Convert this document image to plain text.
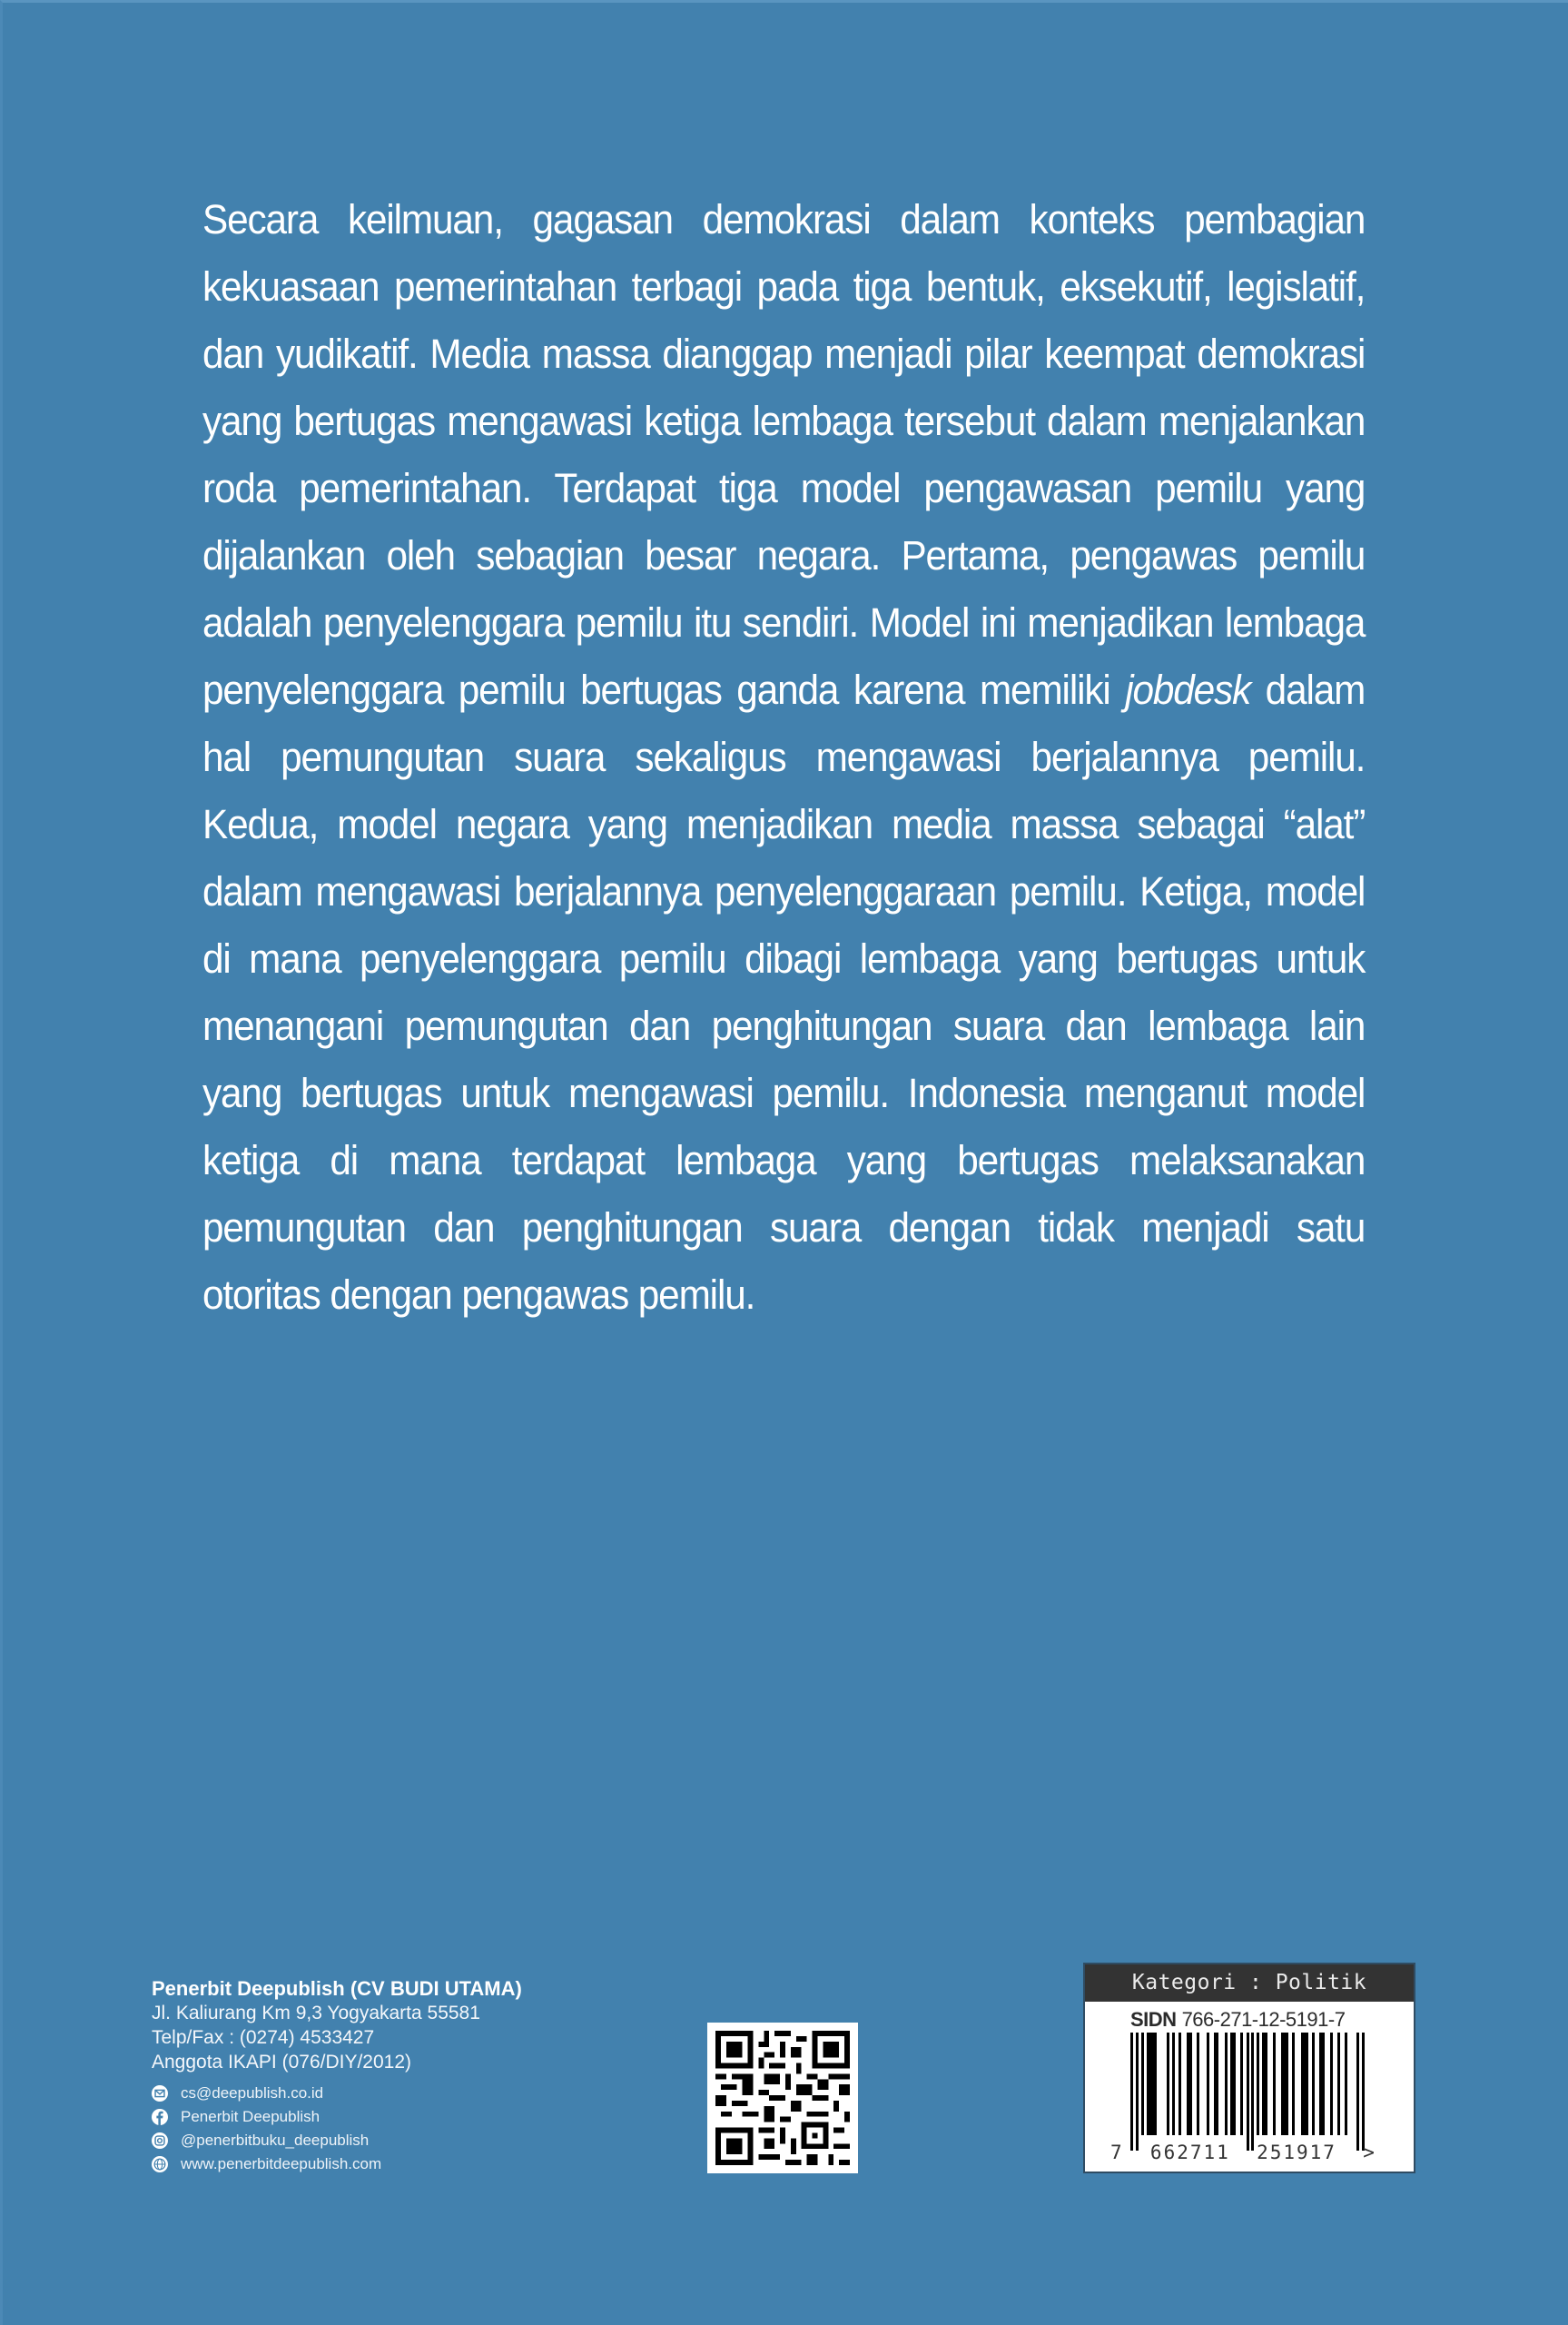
Secara keilmuan, gagasan demokrasi dalam konteks pembagian kekuasaan pemerintahan terbagi pada tiga bentuk, eksekutif, legislatif, dan yudikatif. Media massa dianggap menjadi pilar keempat demokrasi yang bertugas mengawasi ketiga lembaga tersebut dalam menjalankan roda pemerintahan. Terdapat tiga model pengawasan pemilu yang dijalankan oleh sebagian besar negara. Pertama, pengawas pemilu adalah penyelenggara pemilu itu sendiri. Model ini menjadikan lembaga penyelenggara pemilu bertugas ganda karena memiliki jobdesk dalam hal pemungutan suara sekaligus mengawasi berjalannya pemilu. Kedua, model negara yang menjadikan media massa sebagai “alat” dalam mengawasi berjalannya penyelenggaraan pemilu. Ketiga, model di mana penyelenggara pemilu dibagi lembaga yang bertugas untuk menangani pemungutan dan penghitungan suara dan lembaga lain yang bertugas untuk mengawasi pemilu. Indonesia menganut model ketiga di mana terdapat lembaga yang bertugas melaksanakan pemungutan dan penghitungan suara dengan tidak menjadi satu otoritas dengan pengawas pemilu.
Penerbit Deepublish (CV BUDI UTAMA)
Jl. Kaliurang Km 9,3 Yogyakarta 55581
Telp/Fax : (0274) 4533427
Anggota IKAPI (076/DIY/2012)
cs@deepublish.co.id
Penerbit Deepublish
@penerbitbuku_deepublish
www.penerbitdeepublish.com
Kategori : Politik
SIDN 766-271-12-5191-7
7  662711  251917  >
